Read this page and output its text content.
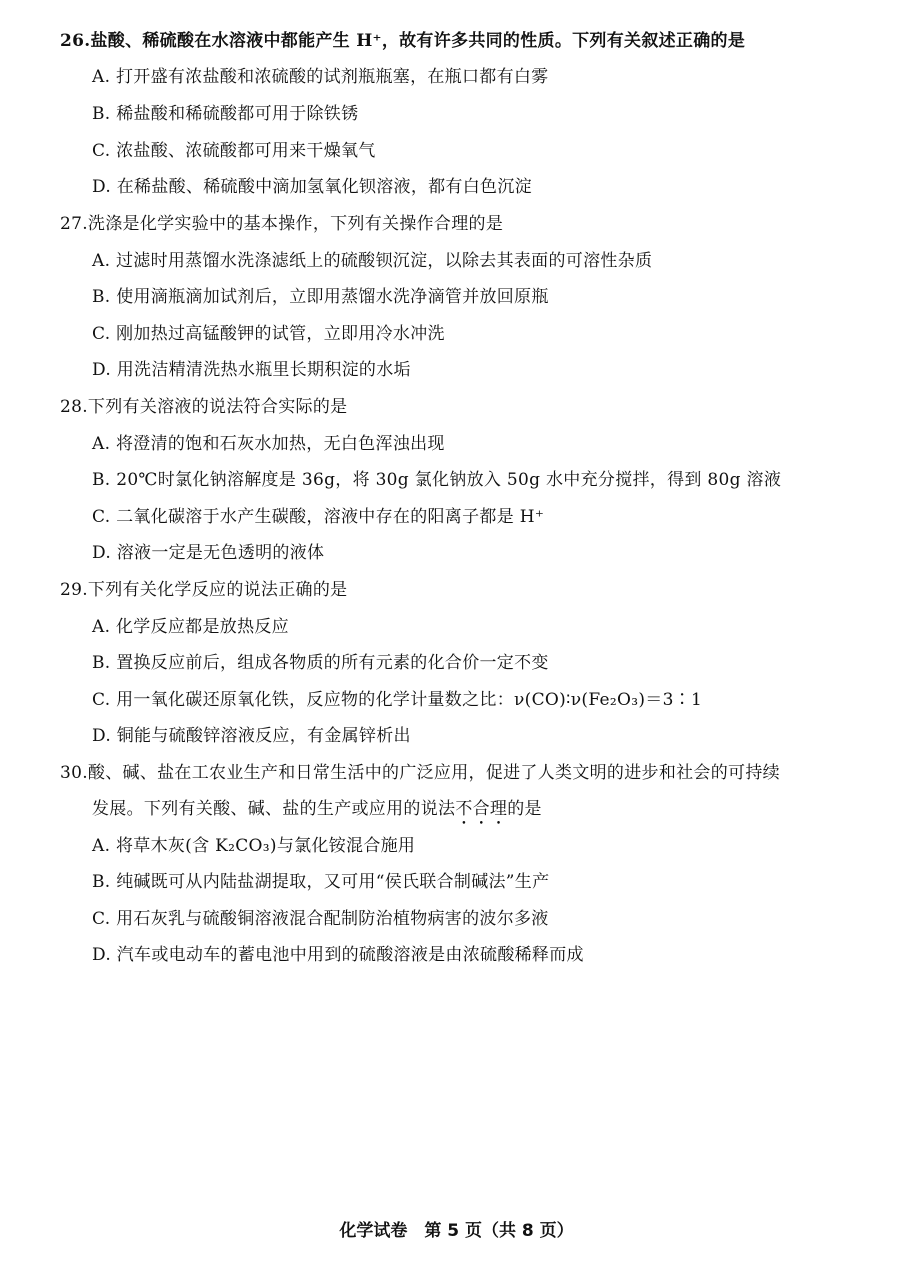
26.盐酸、稀硫酸在水溶液中都能产生 H⁺，故有许多共同的性质。下列有关叙述正确的是
A. 打开盛有浓盐酸和浓硫酸的试剂瓶瓶塞，在瓶口都有白雾
B. 稀盐酸和稀硫酸都可用于除铁锈
C. 浓盐酸、浓硫酸都可用来干燥氧气
D. 在稀盐酸、稀硫酸中滴加氢氧化钡溶液，都有白色沉淀
27.洗涤是化学实验中的基本操作，下列有关操作合理的是
A. 过滤时用蒸馏水洗涤滤纸上的硫酸钡沉淀，以除去其表面的可溶性杂质
B. 使用滴瓶滴加试剂后，立即用蒸馏水洗净滴管并放回原瓶
C. 刚加热过高锰酸钾的试管，立即用冷水冲洗
D. 用洗洁精清洗热水瓶里长期积淀的水垢
28.下列有关溶液的说法符合实际的是
A. 将澄清的饱和石灰水加热，无白色浑浊出现
B. 20℃时氯化钠溶解度是 36g，将 30g 氯化钠放入 50g 水中充分搅拌，得到 80g 溶液
C. 二氧化碳溶于水产生碳酸，溶液中存在的阳离子都是 H⁺
D. 溶液一定是无色透明的液体
29.下列有关化学反应的说法正确的是
A. 化学反应都是放热反应
B. 置换反应前后，组成各物质的所有元素的化合价一定不变
C. 用一氧化碳还原氧化铁，反应物的化学计量数之比：ν(CO)∶ν(Fe₂O₃)＝3∶1
D. 铜能与硫酸锌溶液反应，有金属锌析出
30.酸、碱、盐在工农业生产和日常生活中的广泛应用，促进了人类文明的进步和社会的可持续
发展。下列有关酸、碱、盐的生产或应用的说法不合理的是
A. 将草木灰(含 K₂CO₃)与氯化铵混合施用
B. 纯碱既可从内陆盐湖提取，又可用“侯氏联合制碱法”生产
C. 用石灰乳与硫酸铜溶液混合配制防治植物病害的波尔多液
D. 汽车或电动车的蓄电池中用到的硫酸溶液是由浓硫酸稀释而成
化学试卷　第 5 页（共 8 页）
